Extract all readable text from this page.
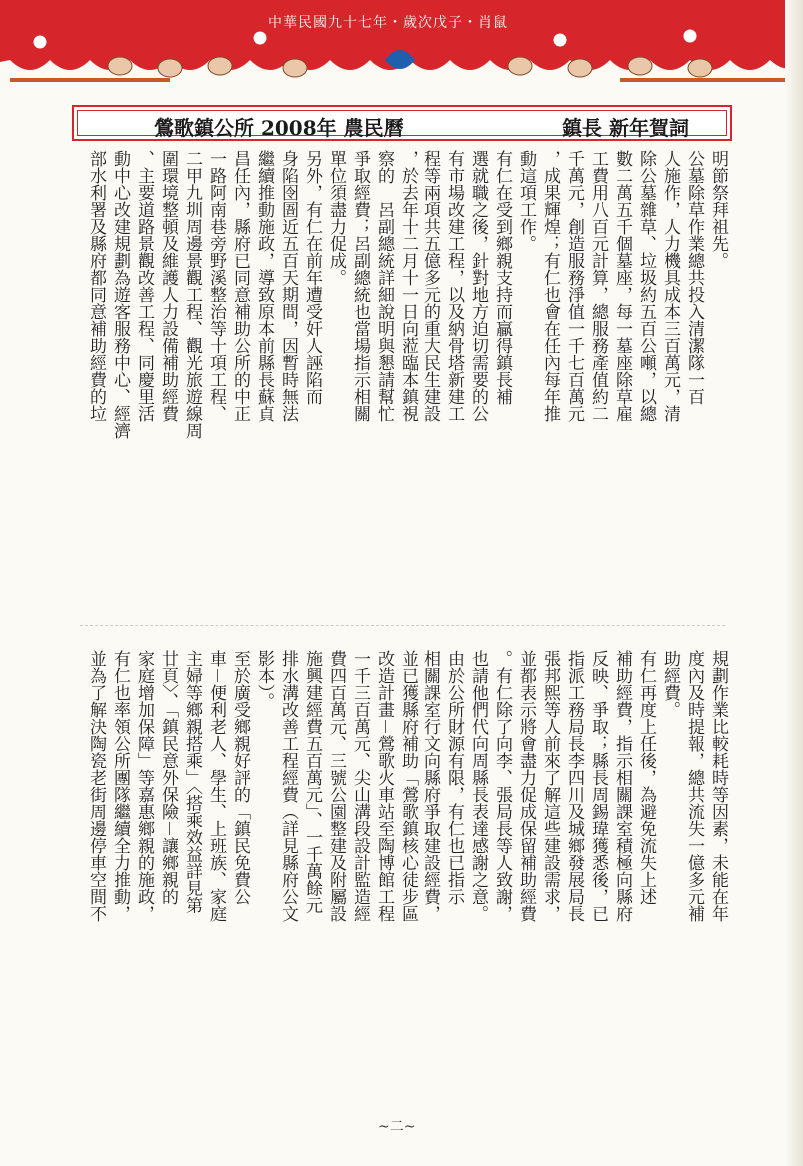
中華民國九十七年・歲次戊子・肖鼠
鶯歌鎮公所 2008年 農民曆	鎮長 新年賀詞

明節祭拜祖先。

公墓除草作業總共投入清潔隊一百

人施作，人力機具成本三百萬元，清

除公墓雜草、垃圾約五百公噸，以總

數二萬五千個墓座，每一墓座除草雇

工費用八百元計算，總服務產值約二

千萬元，創造服務淨值一千七百萬元

，成果輝煌；有仁也會在任內每年推

動這項工作。

有仁在受到鄉親支持而贏得鎮長補

選就職之後，針對地方迫切需要的公

有市場改建工程，以及納骨塔新建工

程等兩項共五億多元的重大民生建設

，於去年十二月十一日向蒞臨本鎮視

察的　呂副總統詳細說明與懇請幫忙

爭取經費；呂副總統也當場指示相關

單位須盡力促成。

另外，有仁在前年遭受奸人誣陷而

身陷囹圄近五百天期間，因暫時無法

繼續推動施政，導致原本前縣長蘇貞

昌任內，縣府已同意補助公所的中正

一路阿南巷旁野溪整治等十項工程、

二甲九圳周邊景觀工程、觀光旅遊線周

圍環境整頓及維護人力設備補助經費

、主要道路景觀改善工程、同慶里活

動中心改建規劃為遊客服務中心、經濟

部水利署及縣府都同意補助經費的垃

規劃作業比較耗時等因素，未能在年

度內及時提報，總共流失一億多元補

助經費。

有仁再度上任後，為避免流失上述

補助經費，指示相關課室積極向縣府

反映、爭取；縣長周錫瑋獲悉後，已

指派工務局長李四川及城鄉發展局長

張邦熙等人前來了解這些建設需求，

並都表示將會盡力促成保留補助經費

。有仁除了向李、張局長等人致謝，

也請他們代向周縣長表達感謝之意。

由於公所財源有限，有仁也已指示

相關課室行文向縣府爭取建設經費，

並已獲縣府補助「鶯歌鎮核心徒步區

改造計畫－鶯歌火車站至陶博館工程

一千三百萬元、尖山溝段設計監造經

費四百萬元、三號公園整建及附屬設

施興建經費五百萬元」、一千萬餘元

排水溝改善工程經費（詳見縣府公文

影本）。

至於廣受鄉親好評的「鎮民免費公

車－便利老人、學生、上班族、家庭

主婦等鄉親搭乘」〈搭乘效益詳見第

廿頁〉、「鎮民意外保險－讓鄉親的

家庭增加保障」等嘉惠鄉親的施政，

有仁也率領公所團隊繼續全力推動，

並為了解決陶瓷老街周邊停車空間不

~二~
